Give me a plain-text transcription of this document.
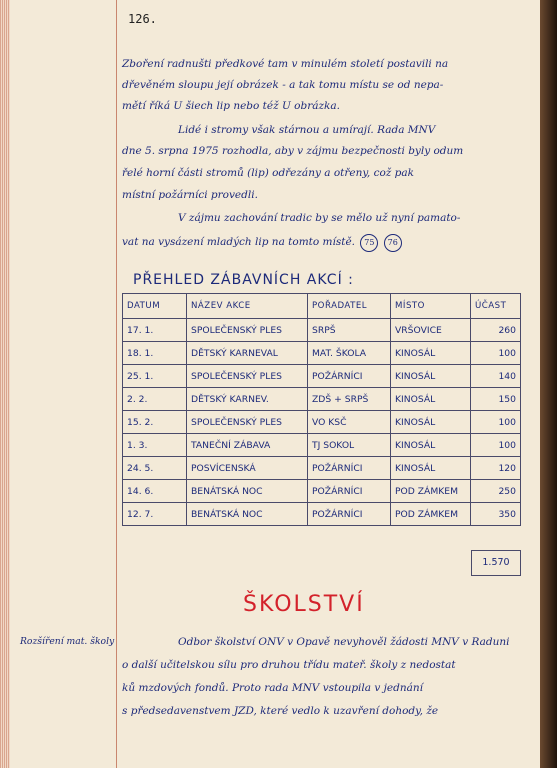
126.
Zboření radnušti předkové tam v minulém století postavili na
dřevěném sloupu její obrázek - a tak tomu místu se od nepa-
mětí říká U šiech lip nebo též U obrázka.
Lidé i stromy však stárnou a umírají. Rada MNV
dne 5. srpna 1975 rozhodla, aby v zájmu bezpečnosti byly odum
řelé horní části stromů (lip) odřezány a otřeny, což pak
místní požárníci provedli.
V zájmu zachování tradic by se mělo už nyní pamato-
vat na vysázení mladých lip na tomto místě. 75 76
PŘEHLED ZÁBAVNÍCH AKCÍ :
DATUM	NÁZEV AKCE	POŘADATEL	MÍSTO	ÚČAST
17. 1.	SPOLEČENSKÝ PLES	SRPŠ	VRŠOVICE	260
18. 1.	DĚTSKÝ KARNEVAL	MAT. ŠKOLA	KINOSÁL	100
25. 1.	SPOLEČENSKÝ PLES	POŽÁRNÍCI	KINOSÁL	140
2. 2.	DĚTSKÝ KARNEV.	ZDŠ + SRPŠ	KINOSÁL	150
15. 2.	SPOLEČENSKÝ PLES	VO KSČ	KINOSÁL	100
1. 3.	TANEČNÍ ZÁBAVA	TJ SOKOL	KINOSÁL	100
24. 5.	POSVÍCENSKÁ	POŽÁRNÍCI	KINOSÁL	120
14. 6.	BENÁTSKÁ NOC	POŽÁRNÍCI	POD ZÁMKEM	250
12. 7.	BENÁTSKÁ NOC	POŽÁRNÍCI	POD ZÁMKEM	350
1.570
ŠKOLSTVÍ
Rozšíření mat. školy	Odbor školství ONV v Opavě nevyhověl žádosti MNV v Raduni
o další učitelskou sílu pro druhou třídu mateř. školy z nedostat
ků mzdových fondů. Proto rada MNV vstoupila v jednání
s předsedavenstvem JZD, které vedlo k uzavření dohody, že
